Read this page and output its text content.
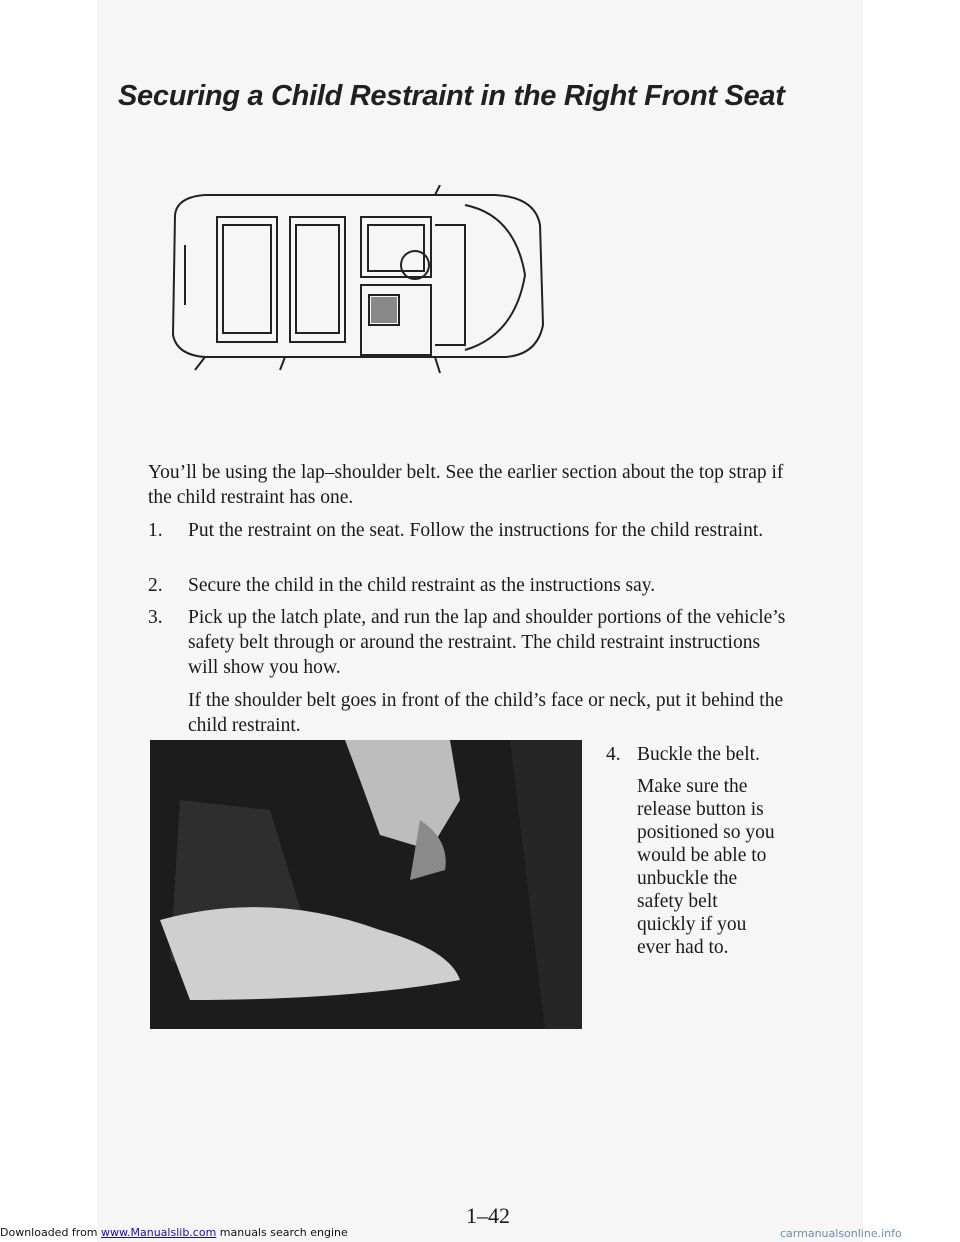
Securing a Child Restraint in the Right Front Seat
You’ll be using the lap–shoulder belt. See the earlier section about the top strap if the child restraint has one.
1.	Put the restraint on the seat. Follow the instructions for the child restraint.
2.	Secure the child in the child restraint as the instructions say.
3.	Pick up the latch plate, and run the lap and shoulder portions of the vehicle’s safety belt through or around the restraint. The child restraint instructions will show you how.
If the shoulder belt goes in front of the child’s face or neck, put it behind the child restraint.
4. Buckle the belt.
Make sure the
release button is
positioned so you
would be able to
unbuckle the
safety belt
quickly if you
ever had to.
1–42
Downloaded from www.Manualslib.com manuals search engine	carmanualsonline.info
